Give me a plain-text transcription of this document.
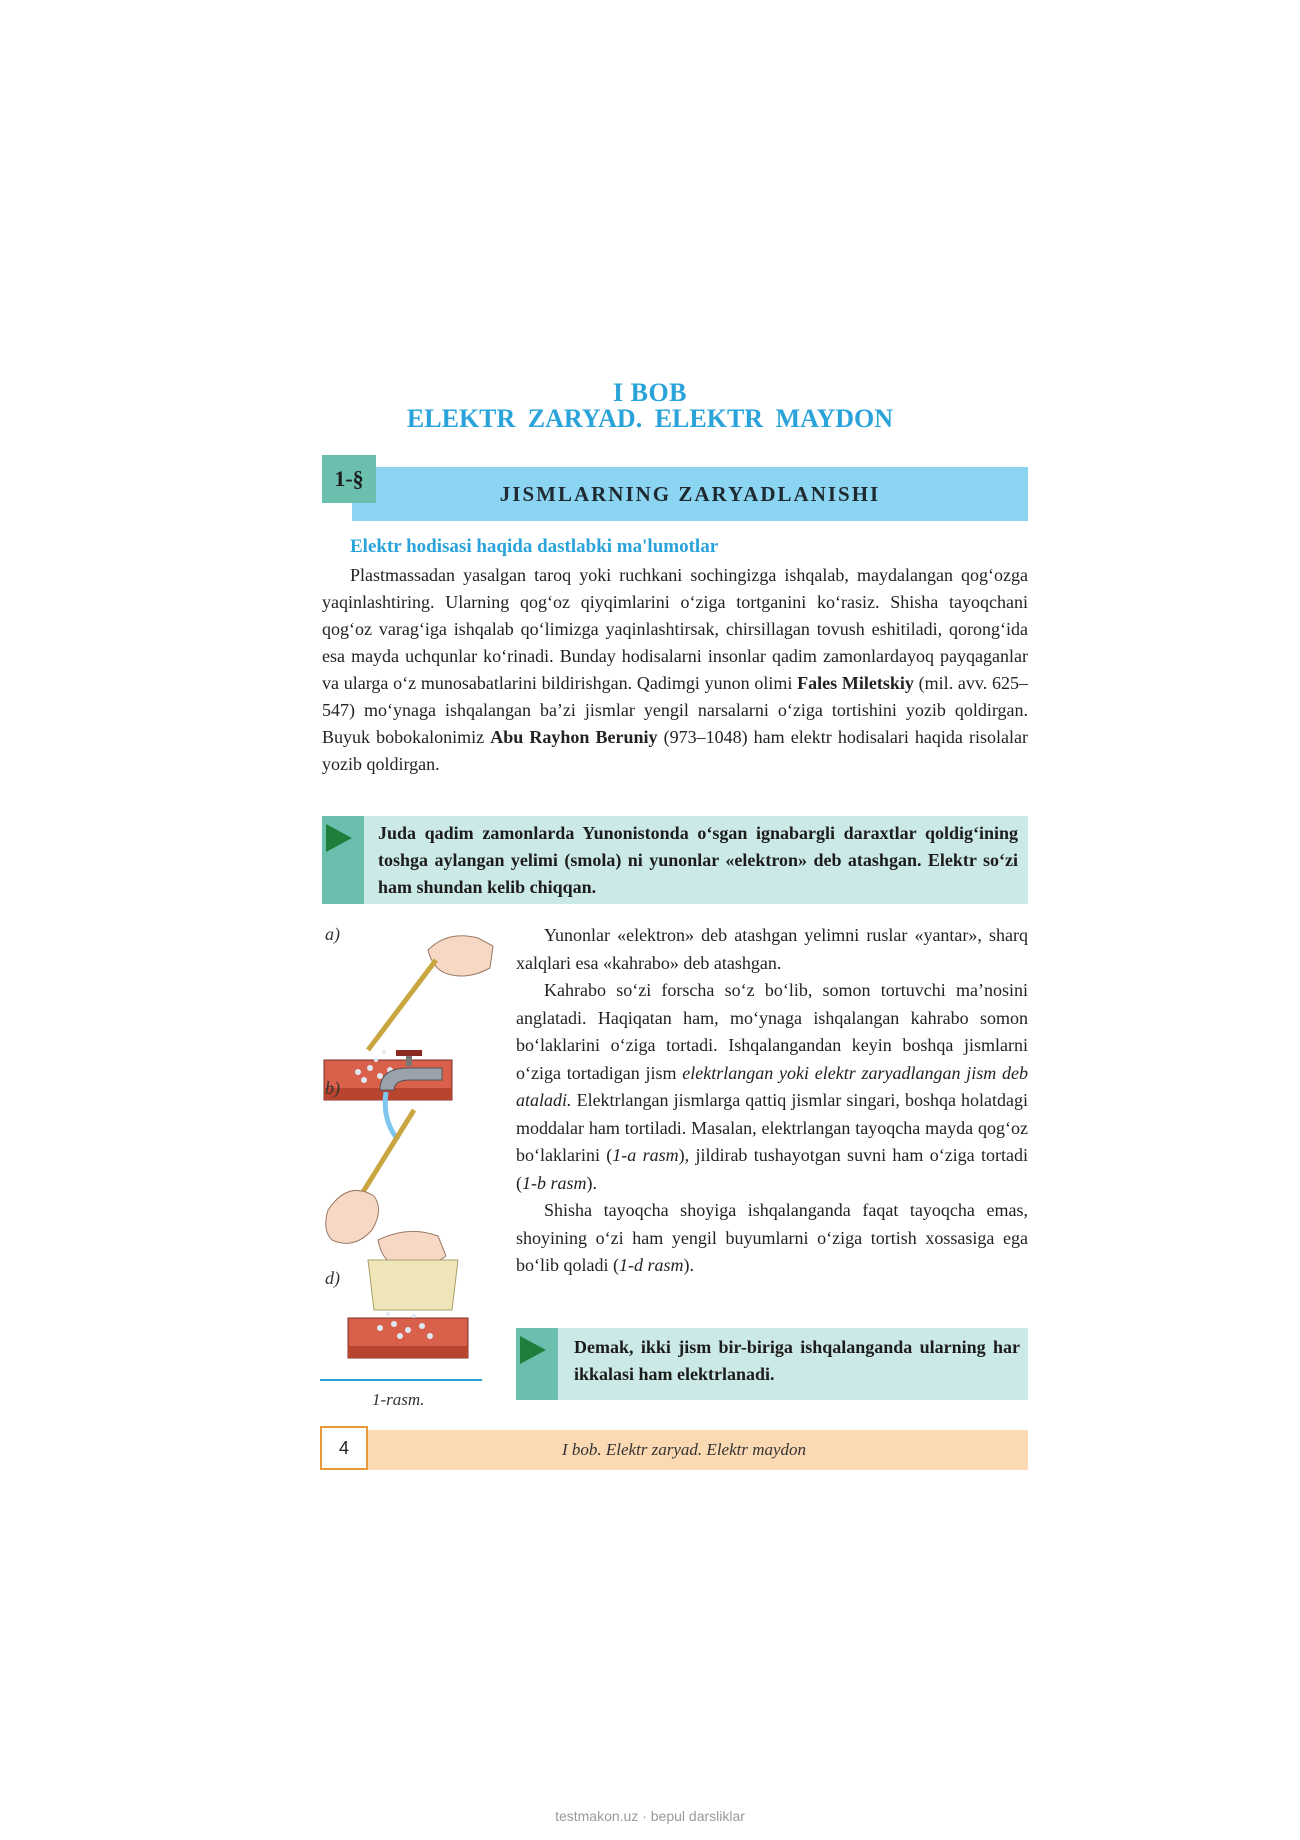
I BOB
ELEKTR ZARYAD. ELEKTR MAYDON
1-§
JISMLARNING ZARYADLANISHI
Elektr hodisasi haqida dastlabki ma'lumotlar
Plastmassadan yasalgan taroq yoki ruchkani sochingizga ishqalab, maydalangan qog‘ozga yaqinlashtiring. Ularning qog‘oz qiyqimlarini o‘ziga tortganini ko‘rasiz. Shisha tayoqchani qog‘oz varag‘iga ishqalab qo‘limizga yaqinlashtirsak, chirsillagan tovush eshitiladi, qorong‘ida esa mayda uchqunlar ko‘rinadi. Bunday hodisalarni insonlar qadim zamonlardayoq payqaganlar va ularga o‘z munosabatlarini bildirishgan. Qadimgi yunon olimi Fales Miletskiy (mil. avv. 625–547) mo‘ynaga ishqalangan ba’zi jismlar yengil narsalarni o‘ziga tortishini yozib qoldirgan. Buyuk bobokalonimiz Abu Rayhon Beruniy (973–1048) ham elektr hodisalari haqida risolalar yozib qoldirgan.
Juda qadim zamonlarda Yunonistonda o‘sgan ignabargli daraxtlar qoldig‘ining toshga aylangan yelimi (smola) ni yunonlar «elektron» deb atashgan. Elektr so‘zi ham shundan kelib chiqqan.
a)
b)
d)

Yunonlar «elektron» deb atashgan yelimni ruslar «yantar», sharq xalqlari esa «kahrabo» deb atashgan.

Kahrabo so‘zi forscha so‘z bo‘lib, somon tortuvchi ma’nosini anglatadi. Haqiqatan ham, mo‘ynaga ishqalangan kahrabo somon bo‘laklarini o‘ziga tortadi. Ishqalangandan keyin boshqa jismlarni o‘ziga tortadigan jism elektrlangan yoki elektr zaryadlangan jism deb ataladi. Elektrlangan jismlarga qattiq jismlar singari, boshqa holatdagi moddalar ham tortiladi. Masalan, elektrlangan tayoqcha mayda qog‘oz bo‘laklarini (1-a rasm), jildirab tushayotgan suvni ham o‘ziga tortadi (1-b rasm).

Shisha tayoqcha shoyiga ishqalanganda faqat tayoqcha emas, shoyining o‘zi ham yengil buyumlarni o‘ziga tortish xossasiga ega bo‘lib qoladi (1-d rasm).

Demak, ikki jism bir-biriga ishqalanganda ularning har ikkalasi ham elektrlanadi.
1-rasm.
4	I bob. Elektr zaryad. Elektr maydon
testmakon.uz · bepul darsliklar
